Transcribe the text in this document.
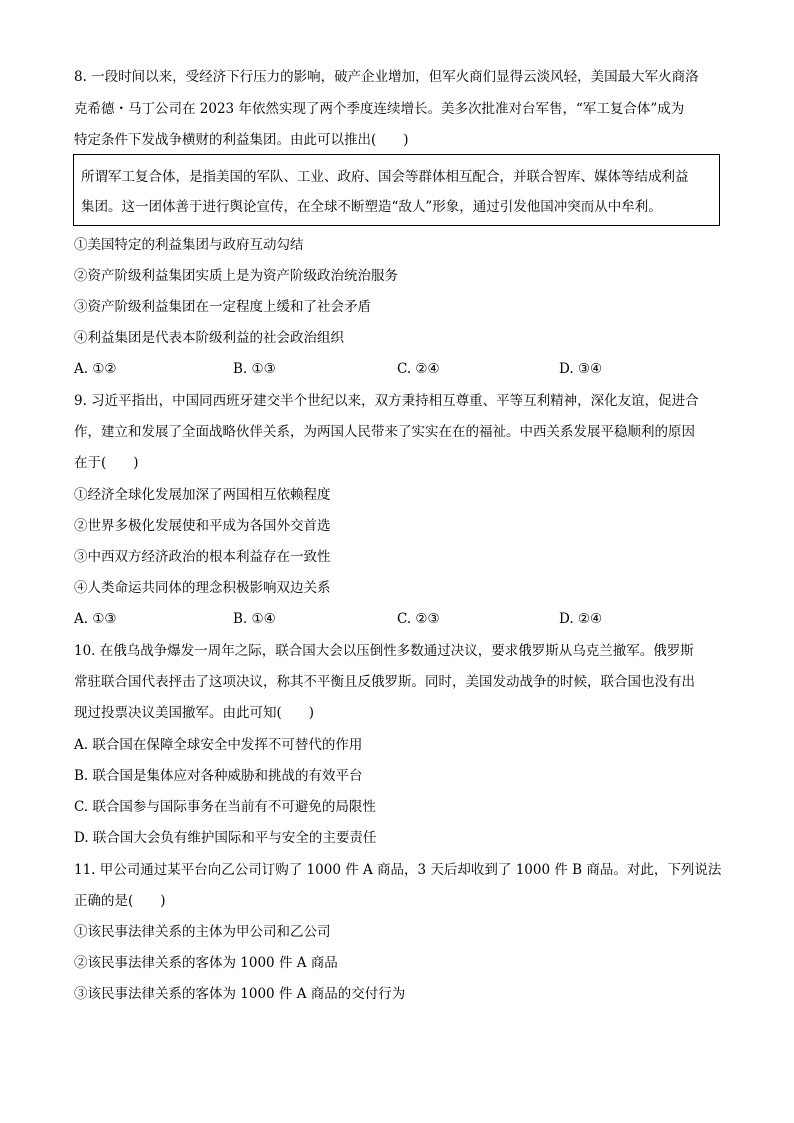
8. 一段时间以来，受经济下行压力的影响，破产企业增加，但军火商们显得云淡风轻，美国最大军火商洛
克希德・马丁公司在 2023 年依然实现了两个季度连续增长。美多次批准对台军售，“军工复合体”成为
特定条件下发战争横财的利益集团。由此可以推出(　　)
所谓军工复合体，是指美国的军队、工业、政府、国会等群体相互配合，并联合智库、媒体等结成利益
集团。这一团体善于进行舆论宣传，在全球不断塑造“敌人”形象，通过引发他国冲突而从中牟利。
①美国特定的利益集团与政府互动勾结
②资产阶级利益集团实质上是为资产阶级政治统治服务
③资产阶级利益集团在一定程度上缓和了社会矛盾
④利益集团是代表本阶级利益的社会政治组织
A. ①②	B. ①③	C. ②④	D. ③④
9. 习近平指出，中国同西班牙建交半个世纪以来，双方秉持相互尊重、平等互利精神，深化友谊，促进合
作，建立和发展了全面战略伙伴关系，为两国人民带来了实实在在的福祉。中西关系发展平稳顺利的原因
在于(　　)
①经济全球化发展加深了两国相互依赖程度
②世界多极化发展使和平成为各国外交首选
③中西双方经济政治的根本利益存在一致性
④人类命运共同体的理念积极影响双边关系
A. ①③	B. ①④	C. ②③	D. ②④
10. 在俄乌战争爆发一周年之际，联合国大会以压倒性多数通过决议，要求俄罗斯从乌克兰撤军。俄罗斯
常驻联合国代表抨击了这项决议，称其不平衡且反俄罗斯。同时，美国发动战争的时候，联合国也没有出
现过投票决议美国撤军。由此可知(　　)
A. 联合国在保障全球安全中发挥不可替代的作用
B. 联合国是集体应对各种威胁和挑战的有效平台
C. 联合国参与国际事务在当前有不可避免的局限性
D. 联合国大会负有维护国际和平与安全的主要责任
11. 甲公司通过某平台向乙公司订购了 1000 件 A 商品，3 天后却收到了 1000 件 B 商品。对此，下列说法
正确的是(　　)
①该民事法律关系的主体为甲公司和乙公司
②该民事法律关系的客体为 1000 件 A 商品
③该民事法律关系的客体为 1000 件 A 商品的交付行为
